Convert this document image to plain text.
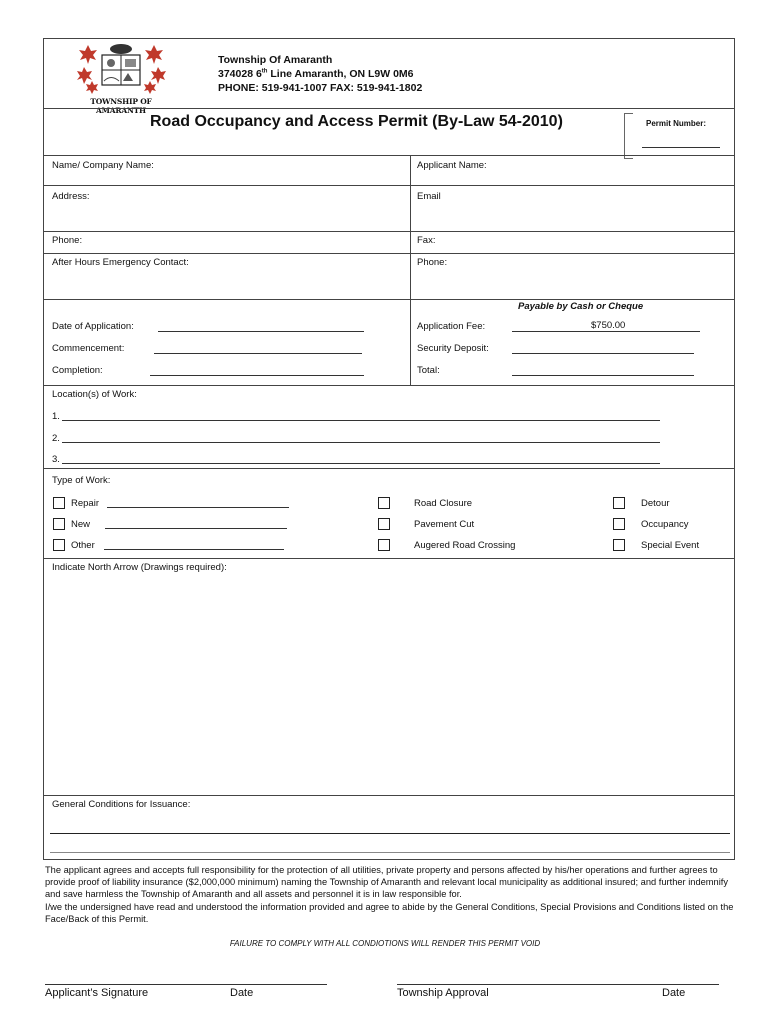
TOWNSHIP OF AMARANTH
Township Of Amaranth
374028 6th Line Amaranth, ON L9W 0M6
PHONE: 519-941-1007 FAX: 519-941-1802
Road Occupancy and Access Permit (By-Law 54-2010)	Permit Number:
Name/ Company Name:	Applicant Name:
Address:	Email
Phone:	Fax:
After Hours Emergency Contact:	Phone:
Payable by Cash or Cheque
Date of Application:	Application Fee:	$750.00
Commencement:	Security Deposit:
Completion:	Total:
Location(s) of Work:
1.
2.
3.
Type of Work:
Repair	Road Closure	Detour
New	Pavement Cut	Occupancy
Other	Augered Road Crossing	Special Event
Indicate North Arrow (Drawings required):
General Conditions for Issuance:
The applicant agrees and accepts full responsibility for the protection of all utilities, private property and persons affected by his/her operations and further agrees to provide proof of liability insurance ($2,000,000 minimum) naming the Township of Amaranth and relevant local municipality as additional insured; and further indemnify and save harmless the Township of Amaranth and all assets and personnel it is in law responsible for.
I/we the undersigned have read and understood the information provided and agree to abide by the General Conditions, Special Provisions and Conditions listed on the Face/Back of this Permit.
FAILURE TO COMPLY WITH ALL CONDIOTIONS WILL RENDER THIS PERMIT VOID
Applicant’s Signature	Date	Township Approval	Date
